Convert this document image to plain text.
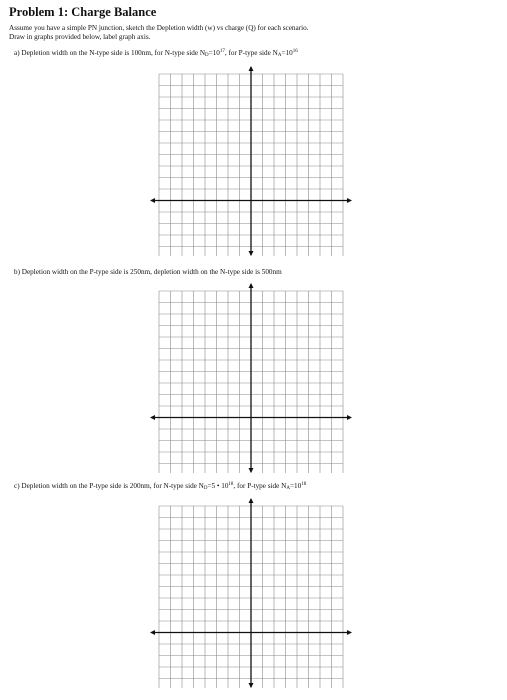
Problem 1: Charge Balance
Assume you have a simple PN junction, sketch the Depletion width (w) vs charge (Q) for each scenario.
Draw in graphs provided below, label graph axis.
a) Depletion width on the N-type side is 100nm, for N-type side $N_D=10^{17}$, for P-type side $N_A=10^{16}$
b) Depletion width on the P-type side is 250nm, depletion width on the N-type side is 500nm
c) Depletion width on the P-type side is 200nm, for N-type side $N_D=5$ • $10^{18}$, for P-type side $N_A=10^{18}$
